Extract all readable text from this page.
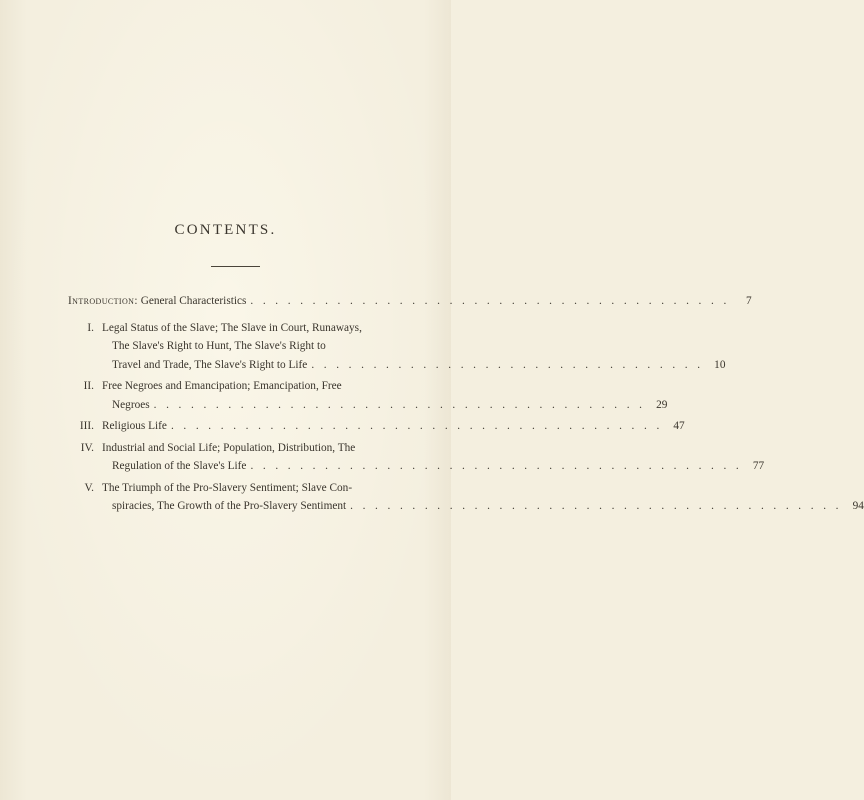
CONTENTS.
Introduction: General Characteristics . . . . . . . . . . . . . . . . . . . . . . . . . . . . . . . . . . . . . . .	7
I. Legal Status of the Slave; The Slave in Court, Runaways,
The Slave's Right to Hunt, The Slave's Right to
Travel and Trade, The Slave's Right to Life . . . . . . . . . . . . . . . . . . . . . . . . . . . . . . . . 10
II. Free Negroes and Emancipation; Emancipation, Free
Negroes . . . . . . . . . . . . . . . . . . . . . . . . . . . . . . . . . . . . . . . . 29
III. Religious Life . . . . . . . . . . . . . . . . . . . . . . . . . . . . . . . . . . . . . . . . 47
IV. Industrial and Social Life; Population, Distribution, The
Regulation of the Slave's Life . . . . . . . . . . . . . . . . . . . . . . . . . . . . . . . . . . . . . . . . 77
V. The Triumph of the Pro-Slavery Sentiment; Slave Con-
spiracies, The Growth of the Pro-Slavery Sentiment . . . . . . . . . . . . . . . . . . . . . . . . . . . . . . . . . . . . . . . . 94
